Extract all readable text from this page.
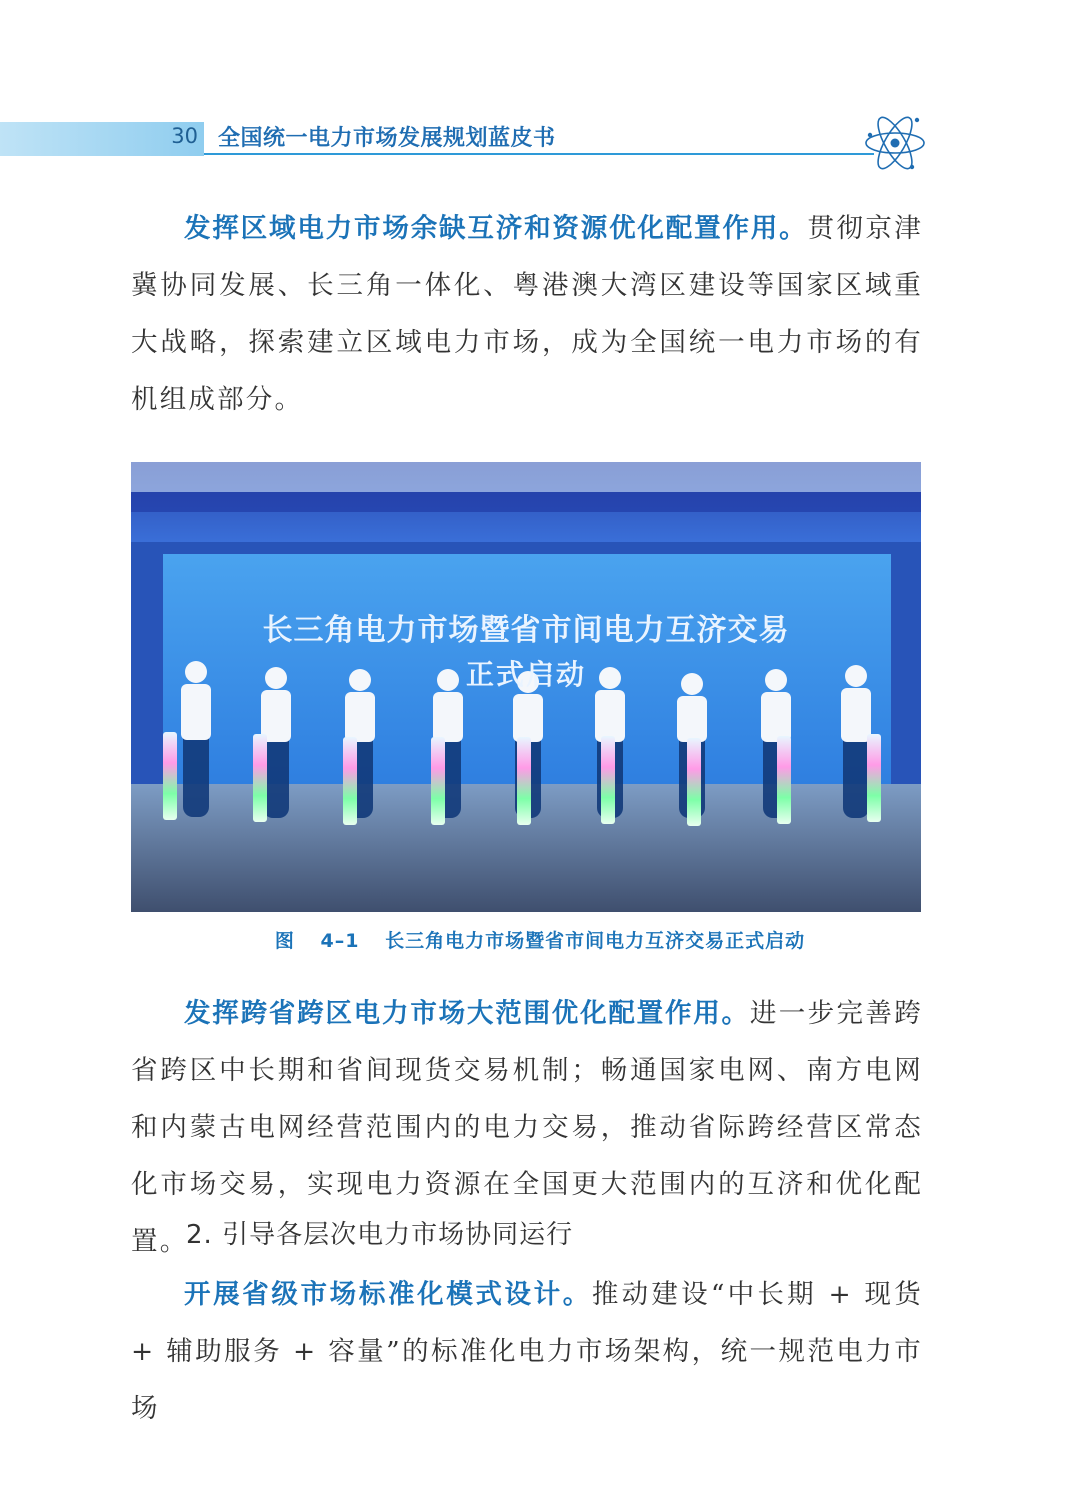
30 全国统一电力市场发展规划蓝皮书
发挥区域电力市场余缺互济和资源优化配置作用。贯彻京津冀协同发展、长三角一体化、粤港澳大湾区建设等国家区域重大战略，探索建立区域电力市场，成为全国统一电力市场的有机组成部分。
长三角电力市场暨省市间电力互济交易
正式启动
图 4–1 长三角电力市场暨省市间电力互济交易正式启动
发挥跨省跨区电力市场大范围优化配置作用。进一步完善跨省跨区中长期和省间现货交易机制；畅通国家电网、南方电网和内蒙古电网经营范围内的电力交易，推动省际跨经营区常态化市场交易，实现电力资源在全国更大范围内的互济和优化配置。
2. 引导各层次电力市场协同运行
开展省级市场标准化模式设计。推动建设“中长期 + 现货 + 辅助服务 + 容量”的标准化电力市场架构，统一规范电力市场
